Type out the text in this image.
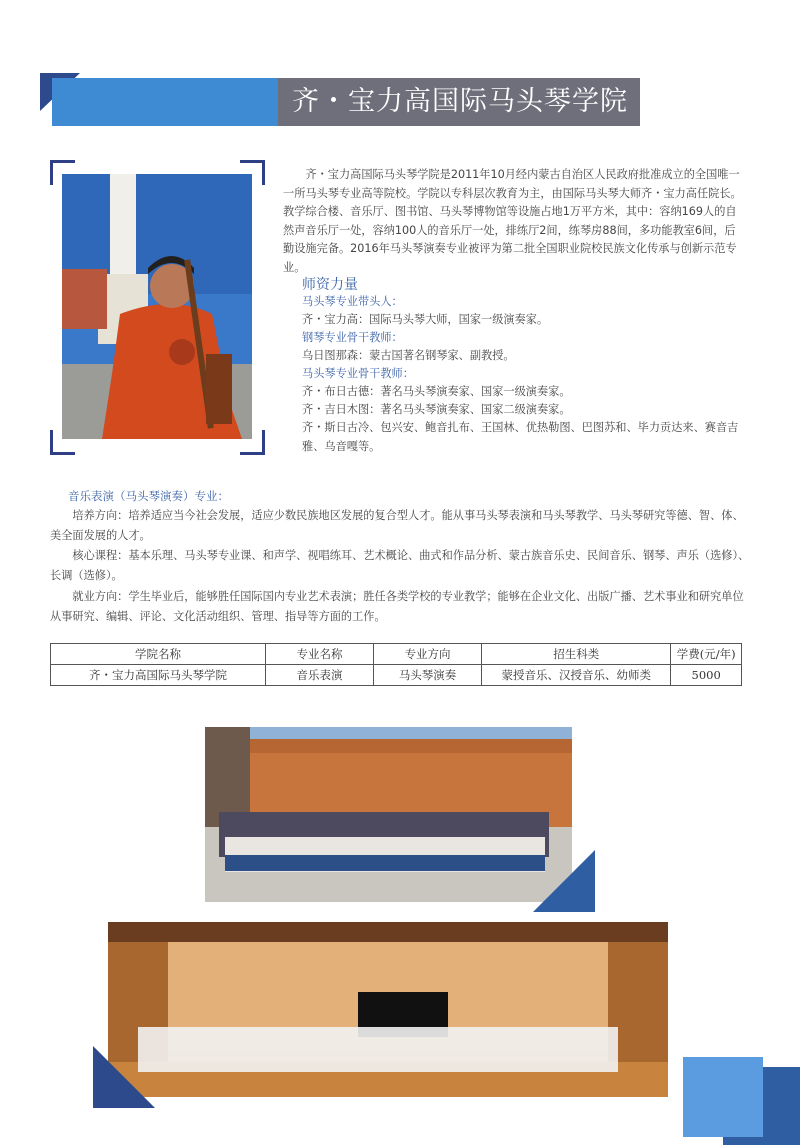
齐・宝力高国际马头琴学院
齐・宝力高国际马头琴学院是2011年10月经内蒙古自治区人民政府批准成立的全国唯一一所马头琴专业高等院校。学院以专科层次教育为主，由国际马头琴大师齐・宝力高任院长。教学综合楼、音乐厅、图书馆、马头琴博物馆等设施占地1万平方米，其中：容纳169人的自然声音乐厅一处，容纳100人的音乐厅一处，排练厅2间，练琴房88间，多功能教室6间，后勤设施完备。2016年马头琴演奏专业被评为第二批全国职业院校民族文化传承与创新示范专业。
师资力量
马头琴专业带头人：
齐・宝力高：国际马头琴大师，国家一级演奏家。
钢琴专业骨干教师：
乌日图那森：蒙古国著名钢琴家、副教授。
马头琴专业骨干教师：
齐・布日古德：著名马头琴演奏家、国家一级演奏家。
齐・吉日木图：著名马头琴演奏家、国家二级演奏家。
齐・斯日古冷、包兴安、鲍音扎布、王国林、优热勒图、巴图苏和、毕力贡达来、赛音吉雅、乌音嘎等。
音乐表演（马头琴演奏）专业：
培养方向：培养适应当今社会发展，适应少数民族地区发展的复合型人才。能从事马头琴表演和马头琴教学、马头琴研究等德、智、体、美全面发展的人才。
核心课程：基本乐理、马头琴专业课、和声学、视唱练耳、艺术概论、曲式和作品分析、蒙古族音乐史、民间音乐、钢琴、声乐（选修）、长调（选修）。
就业方向：学生毕业后，能够胜任国际国内专业艺术表演；胜任各类学校的专业教学；能够在企业文化、出版广播、艺术事业和研究单位从事研究、编辑、评论、文化活动组织、管理、指导等方面的工作。
学院名称	专业名称	专业方向	招生科类	学费(元/年)
齐・宝力高国际马头琴学院	音乐表演	马头琴演奏	蒙授音乐、汉授音乐、幼师类	5000
